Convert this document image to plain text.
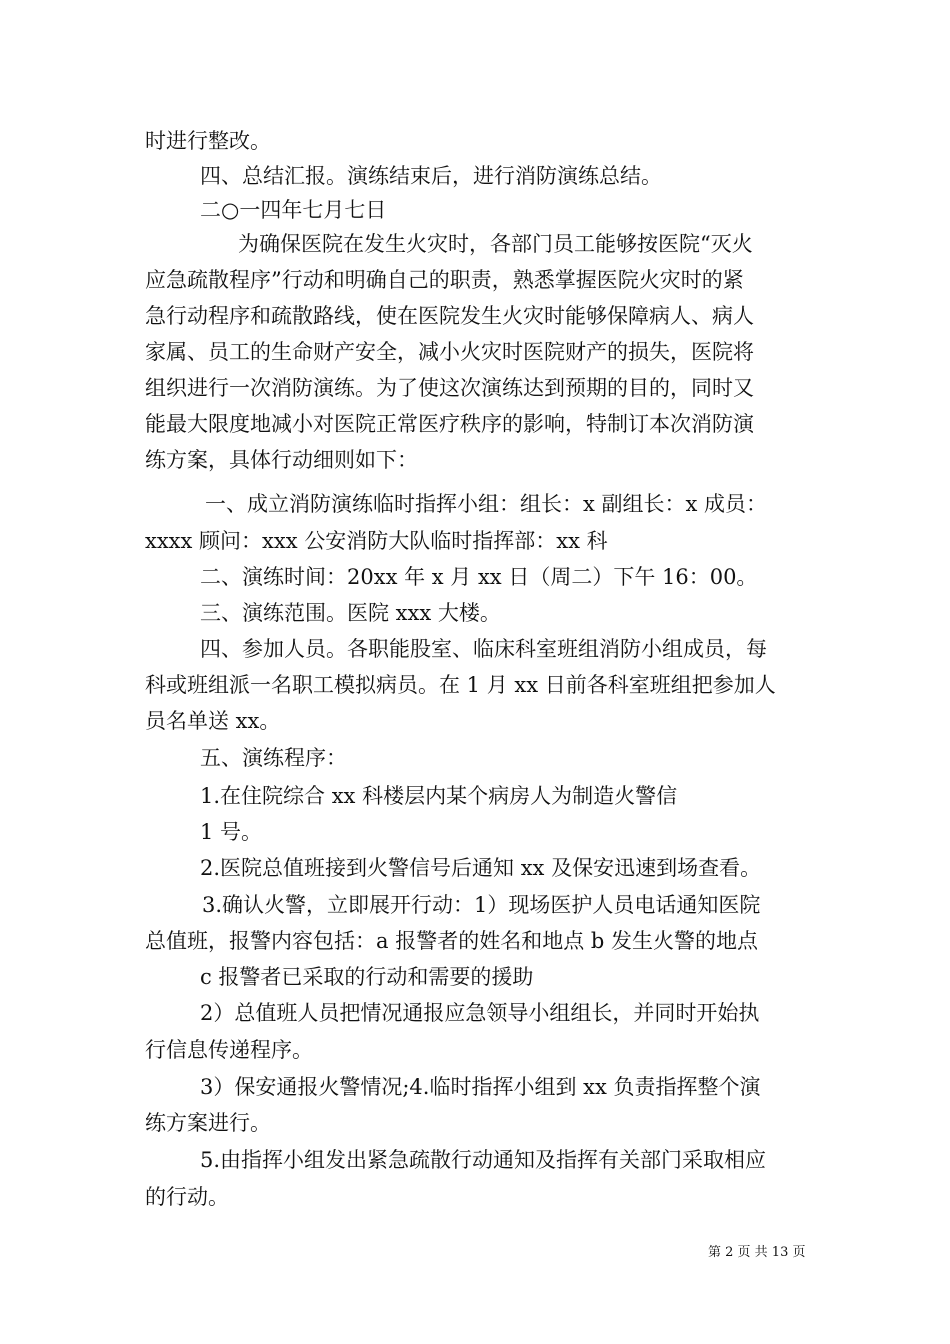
时进行整改。
四、总结汇报。演练结束后，进行消防演练总结。
二○一四年七月七日
为确保医院在发生火灾时，各部门员工能够按医院“灭火
应急疏散程序”行动和明确自己的职责，熟悉掌握医院火灾时的紧
急行动程序和疏散路线，使在医院发生火灾时能够保障病人、病人
家属、员工的生命财产安全，减小火灾时医院财产的损失，医院将
组织进行一次消防演练。为了使这次演练达到预期的目的，同时又
能最大限度地减小对医院正常医疗秩序的影响，特制订本次消防演
练方案，具体行动细则如下：
一、成立消防演练临时指挥小组：组长：x 副组长：x 成员：
xxxx 顾问：xxx 公安消防大队临时指挥部：xx 科
二、演练时间：20xx 年 x 月 xx 日（周二）下午 16：00。
三、演练范围。医院 xxx 大楼。
四、参加人员。各职能股室、临床科室班组消防小组成员，每
科或班组派一名职工模拟病员。在 1 月 xx 日前各科室班组把参加人
员名单送 xx。
五、演练程序：
1.在住院综合 xx 科楼层内某个病房人为制造火警信
1 号。
2.医院总值班接到火警信号后通知 xx 及保安迅速到场查看。
3.确认火警，立即展开行动：1）现场医护人员电话通知医院
总值班，报警内容包括：a 报警者的姓名和地点 b 发生火警的地点
c 报警者已采取的行动和需要的援助
2）总值班人员把情况通报应急领导小组组长，并同时开始执
行信息传递程序。
3）保安通报火警情况;4.临时指挥小组到 xx 负责指挥整个演
练方案进行。
5.由指挥小组发出紧急疏散行动通知及指挥有关部门采取相应
的行动。
第 2 页 共 13 页
